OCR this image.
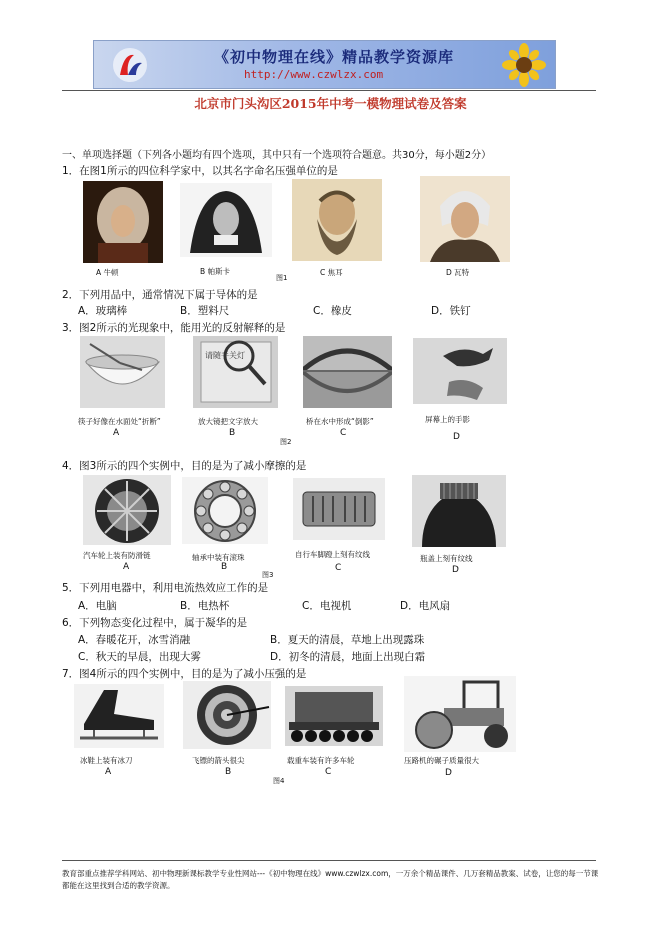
《初中物理在线》精品教学资源库
http://www.czwlzx.com
北京市门头沟区2015年中考一模物理试卷及答案
一、单项选择题（下列各小题均有四个选项，其中只有一个选项符合题意。共30分，每小题2分）
1．在图1所示的四位科学家中，以其名字命名压强单位的是
A 牛顿	B 帕斯卡
图1
C 焦耳	D 瓦特
2．下列用品中，通常情况下属于导体的是
A．玻璃棒	B．塑料尺	C．橡皮	D．铁钉
3．图2所示的光现象中，能用光的反射解释的是
请随手关灯
筷子好像在水面处“折断”
A
放大镜把文字放大
B
图2
桥在水中形成“倒影”
C
屏幕上的手影
D
4．图3所示的四个实例中，目的是为了减小摩擦的是
汽车轮上装有防滑链
A
轴承中装有滚珠
B
图3
自行车脚蹬上刻有纹线
C
瓶盖上刻有纹线
D
5．下列用电器中，利用电流热效应工作的是
A．电脑	B．电热杯	C．电视机	D．电风扇
6．下列物态变化过程中，属于凝华的是
A．春暖花开，冰雪消融	B．夏天的清晨，草地上出现露珠
C．秋天的早晨，出现大雾	D．初冬的清晨，地面上出现白霜
7．图4所示的四个实例中，目的是为了减小压强的是
冰鞋上装有冰刀
A
飞镖的箭头很尖
B
图4
载重车装有许多车轮
C
压路机的碾子质量很大
D
教育部重点推荐学科网站、初中物理新课标教学专业性网站---《初中物理在线》www.czwlzx.com，一万余个精品课件、几万套精品教案、试卷，让您的每一节课都能在这里找到合适的教学资源。
